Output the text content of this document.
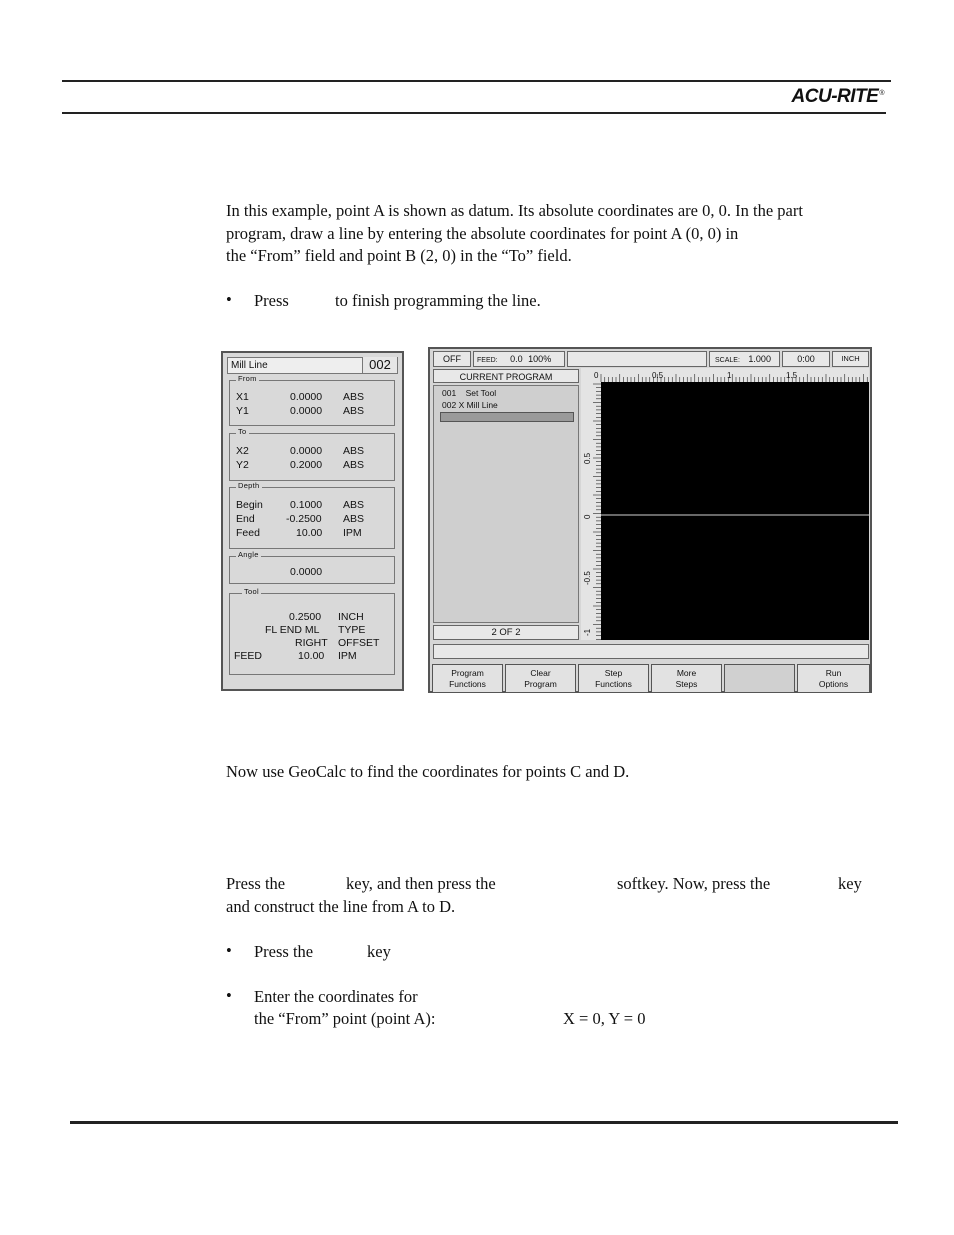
ACU-RITE®
In this example, point A is shown as datum. Its absolute coordinates are 0, 0. In the part
program, draw a line by entering the absolute coordinates for point A (0, 0) in
the “From” field and point B (2, 0) in the “To” field.
• Press	to finish programming the line.
Mill Line	002
From
X1	0.0000 ABS
Y1	0.0000 ABS
To
X2	0.0000 ABS
Y2	0.2000 ABS
Depth
Begin	0.1000 ABS
End	-0.2500 ABS
Feed	10.00 IPM
Angle
0.0000
Tool
0.2500 INCH
FL END ML TYPE
RIGHT OFFSET
FEED	10.00 IPM
OFF	FEED: 0.0 100%	SCALE: 1.000	0:00	INCH
CURRENT PROGRAM
001 Set Tool
002 X Mill Line
2 OF 2
0	0.5	1	1.5
0.5
0
-0.5
-1
Program
Functions
Clear
Program
Step
Functions
More
Steps
Run
Options
Now use GeoCalc to find the coordinates for points C and D.
Press the	key, and then press the	softkey. Now, press the	key
and construct the line from A to D.
• Press the	key
• Enter the coordinates for
the “From” point (point A):	X = 0, Y = 0
